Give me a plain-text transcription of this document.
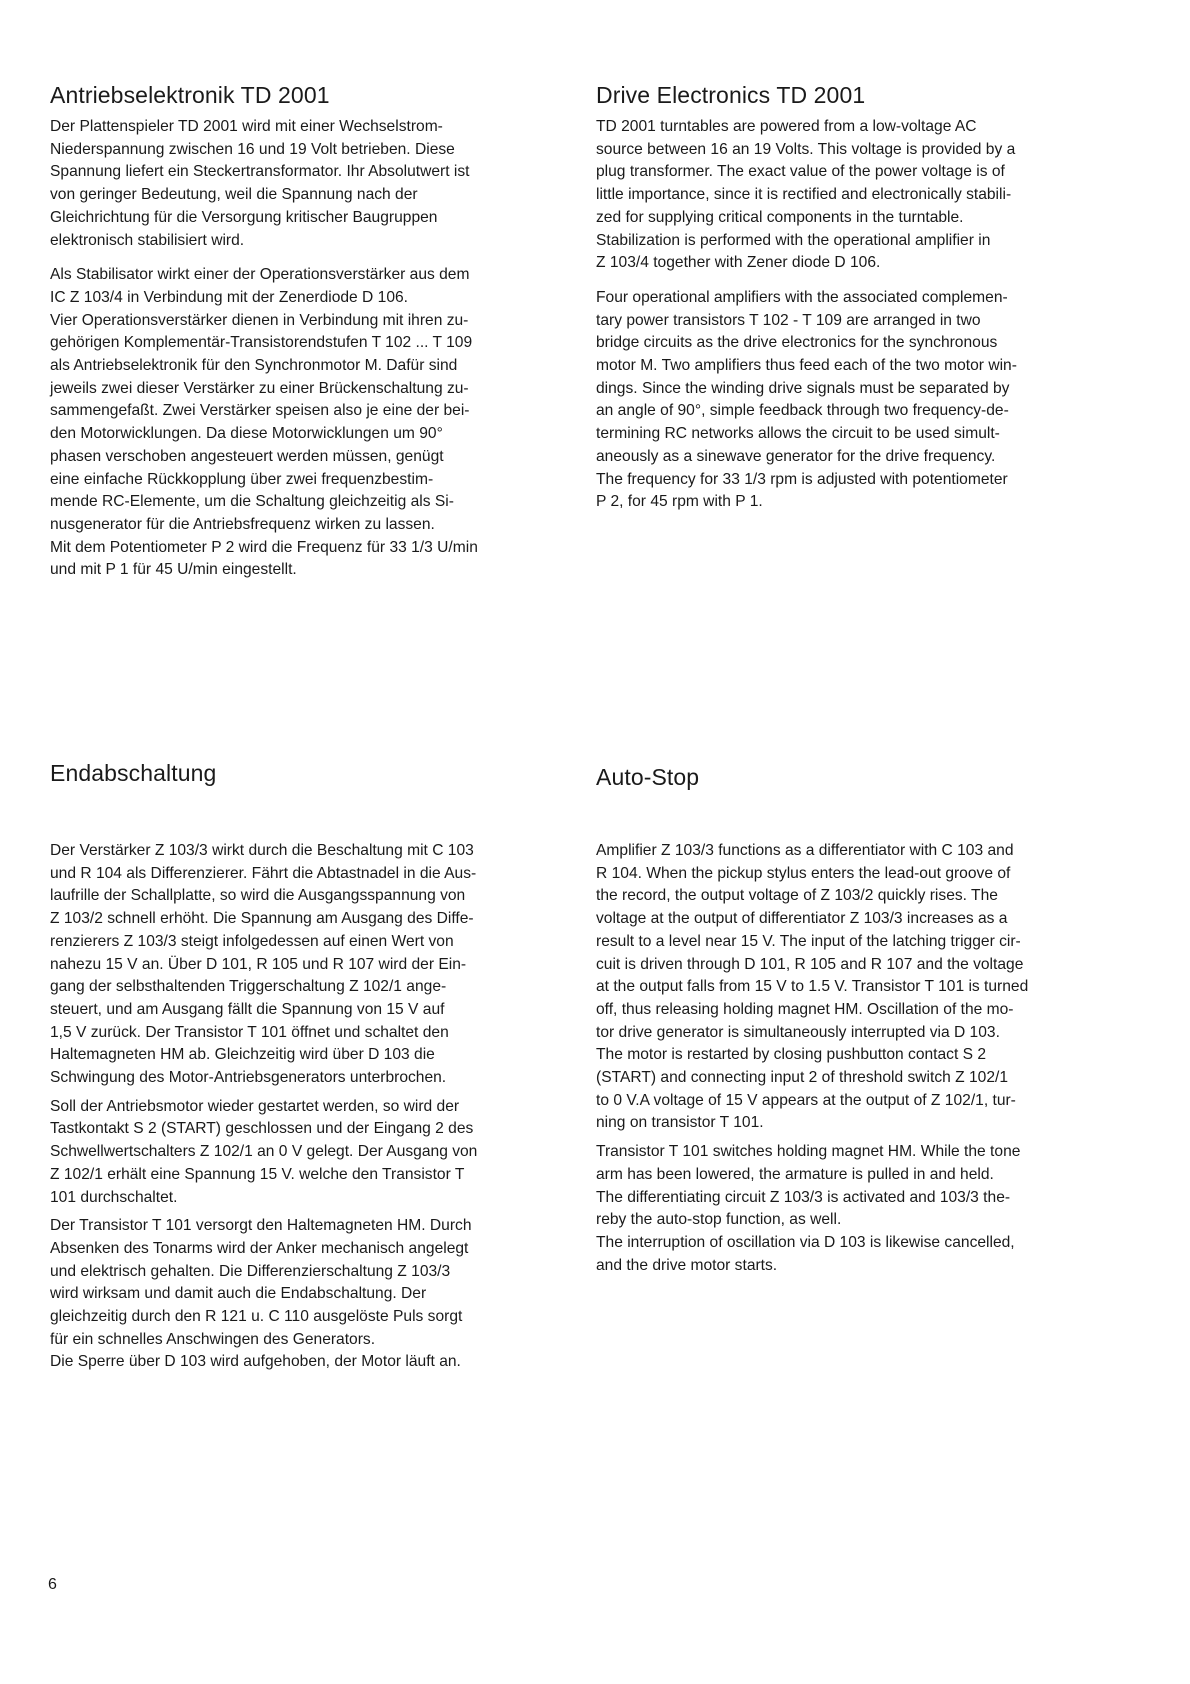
Antriebselektronik TD 2001

Der Plattenspieler TD 2001 wird mit einer Wechselstrom-
Niederspannung zwischen 16 und 19 Volt betrieben. Diese
Spannung liefert ein Steckertransformator. Ihr Absolutwert ist
von geringer Bedeutung, weil die Spannung nach der
Gleichrichtung für die Versorgung kritischer Baugruppen
elektronisch stabilisiert wird.

Als Stabilisator wirkt einer der Operationsverstärker aus dem
IC Z 103/4 in Verbindung mit der Zenerdiode D 106.
Vier Operationsverstärker dienen in Verbindung mit ihren zu-
gehörigen Komplementär-Transistorendstufen T 102 ... T 109
als Antriebselektronik für den Synchronmotor M. Dafür sind
jeweils zwei dieser Verstärker zu einer Brückenschaltung zu-
sammengefaßt. Zwei Verstärker speisen also je eine der bei-
den Motorwicklungen. Da diese Motorwicklungen um 90°
phasen verschoben angesteuert werden müssen, genügt
eine einfache Rückkopplung über zwei frequenzbestim-
mende RC-Elemente, um die Schaltung gleichzeitig als Si-
nusgenerator für die Antriebsfrequenz wirken zu lassen.
Mit dem Potentiometer P 2 wird die Frequenz für 33 1/3 U/min
und mit P 1 für 45 U/min eingestellt.

Drive Electronics TD 2001

TD 2001 turntables are powered from a low-voltage AC
source between 16 an 19 Volts. This voltage is provided by a
plug transformer. The exact value of the power voltage is of
little importance, since it is rectified and electronically stabili-
zed for supplying critical components in the turntable.
Stabilization is performed with the operational amplifier in
Z 103/4 together with Zener diode D 106.

Four operational amplifiers with the associated complemen-
tary power transistors T 102 - T 109 are arranged in two
bridge circuits as the drive electronics for the synchronous
motor M. Two amplifiers thus feed each of the two motor win-
dings. Since the winding drive signals must be separated by
an angle of 90°, simple feedback through two frequency-de-
termining RC networks allows the circuit to be used simult-
aneously as a sinewave generator for the drive frequency.
The frequency for 33 1/3 rpm is adjusted with potentiometer
P 2, for 45 rpm with P 1.

Endabschaltung

Der Verstärker Z 103/3 wirkt durch die Beschaltung mit C 103
und R 104 als Differenzierer. Fährt die Abtastnadel in die Aus-
laufrille der Schallplatte, so wird die Ausgangsspannung von
Z 103/2 schnell erhöht. Die Spannung am Ausgang des Diffe-
renzierers Z 103/3 steigt infolgedessen auf einen Wert von
nahezu 15 V an. Über D 101, R 105 und R 107 wird der Ein-
gang der selbsthaltenden Triggerschaltung Z 102/1 ange-
steuert, und am Ausgang fällt die Spannung von 15 V auf
1,5 V zurück. Der Transistor T 101 öffnet und schaltet den
Haltemagneten HM ab. Gleichzeitig wird über D 103 die
Schwingung des Motor-Antriebsgenerators unterbrochen.

Soll der Antriebsmotor wieder gestartet werden, so wird der
Tastkontakt S 2 (START) geschlossen und der Eingang 2 des
Schwellwertschalters Z 102/1 an 0 V gelegt. Der Ausgang von
Z 102/1 erhält eine Spannung 15 V. welche den Transistor T
101 durchschaltet.

Der Transistor T 101 versorgt den Haltemagneten HM. Durch
Absenken des Tonarms wird der Anker mechanisch angelegt
und elektrisch gehalten. Die Differenzierschaltung Z 103/3
wird wirksam und damit auch die Endabschaltung. Der
gleichzeitig durch den R 121 u. C 110 ausgelöste Puls sorgt
für ein schnelles Anschwingen des Generators.
Die Sperre über D 103 wird aufgehoben, der Motor läuft an.

Auto-Stop

Amplifier Z 103/3 functions as a differentiator with C 103 and
R 104. When the pickup stylus enters the lead-out groove of
the record, the output voltage of Z 103/2 quickly rises. The
voltage at the output of differentiator Z 103/3 increases as a
result to a level near 15 V. The input of the latching trigger cir-
cuit is driven through D 101, R 105 and R 107 and the voltage
at the output falls from 15 V to 1.5 V. Transistor T 101 is turned
off, thus releasing holding magnet HM. Oscillation of the mo-
tor drive generator is simultaneously interrupted via D 103.
The motor is restarted by closing pushbutton contact S 2
(START) and connecting input 2 of threshold switch Z 102/1
to 0 V.A voltage of 15 V appears at the output of Z 102/1, tur-
ning on transistor T 101.

Transistor T 101 switches holding magnet HM. While the tone
arm has been lowered, the armature is pulled in and held.
The differentiating circuit Z 103/3 is activated and 103/3 the-
reby the auto-stop function, as well.
The interruption of oscillation via D 103 is likewise cancelled,
and the drive motor starts.

6
